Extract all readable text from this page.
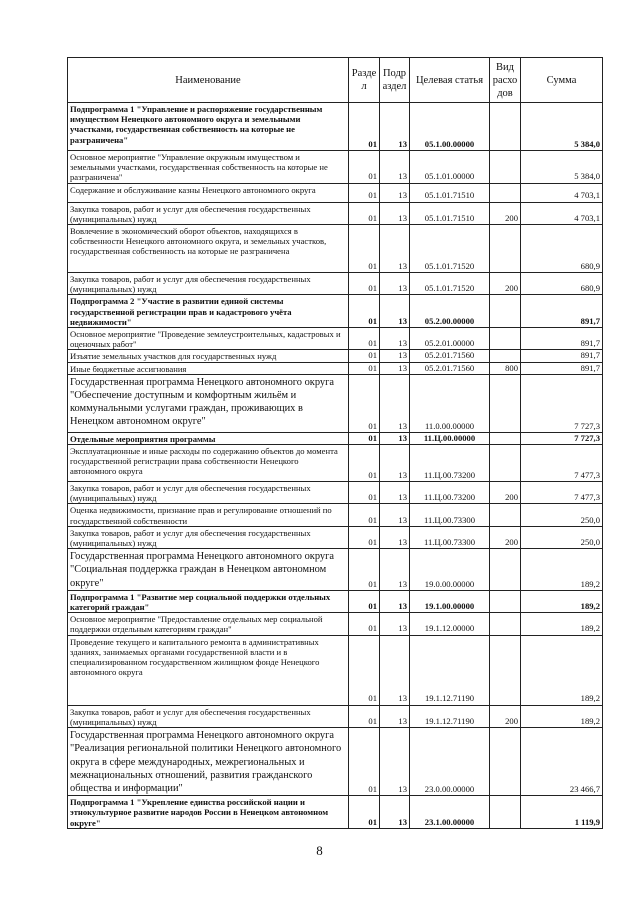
Наименование	Разде л	Подр аздел	Целевая статья	Вид расхо дов	Сумма
Подпрограмма 1 "Управление и распоряжение государственным имуществом Ненецкого автономного округа и земельными участками, государственная собственность на которые не разграничена"	01	13	05.1.00.00000		5 384,0
Основное мероприятие "Управление окружным имуществом и земельными участками, государственная собственность на которые не разграничена"	01	13	05.1.01.00000		5 384,0
Содержание и обслуживание казны Ненецкого автономного округа	01	13	05.1.01.71510		4 703,1
Закупка товаров, работ и услуг для обеспечения государственных (муниципальных) нужд	01	13	05.1.01.71510	200	4 703,1
Вовлечение в экономический оборот объектов, находящихся в собственности Ненецкого автономного округа, и земельных участков, государственная собственность на которые не разграничена	01	13	05.1.01.71520		680,9
Закупка товаров, работ и услуг для обеспечения государственных (муниципальных) нужд	01	13	05.1.01.71520	200	680,9
Подпрограмма 2 "Участие в развитии единой системы государственной регистрации прав и кадастрового учёта недвижимости"	01	13	05.2.00.00000		891,7
Основное мероприятие "Проведение землеустроительных, кадастровых и оценочных работ"	01	13	05.2.01.00000		891,7
Изъятие земельных участков для государственных нужд	01	13	05.2.01.71560		891,7
Иные бюджетные ассигнования	01	13	05.2.01.71560	800	891,7
Государственная программа Ненецкого автономного округа "Обеспечение доступным и комфортным жильём и коммунальными услугами граждан, проживающих в Ненецком автономном округе"	01	13	11.0.00.00000		7 727,3
Отдельные мероприятия программы	01	13	11.Ц.00.00000		7 727,3
Эксплуатационные и иные расходы по содержанию объектов до момента государственной регистрации права собственности Ненецкого автономного округа	01	13	11.Ц.00.73200		7 477,3
Закупка товаров, работ и услуг для обеспечения государственных (муниципальных) нужд	01	13	11.Ц.00.73200	200	7 477,3
Оценка недвижимости, признание прав и регулирование отношений по государственной собственности	01	13	11.Ц.00.73300		250,0
Закупка товаров, работ и услуг для обеспечения государственных (муниципальных) нужд	01	13	11.Ц.00.73300	200	250,0
Государственная программа Ненецкого автономного округа "Социальная поддержка граждан в Ненецком автономном округе"	01	13	19.0.00.00000		189,2
Подпрограмма 1 "Развитие мер социальной поддержки отдельных категорий граждан"	01	13	19.1.00.00000		189,2
Основное мероприятие "Предоставление отдельных мер социальной поддержки отдельным категориям граждан"	01	13	19.1.12.00000		189,2
Проведение текущего и капитального ремонта в административных зданиях, занимаемых органами государственной власти и в специализированном государственном жилищном фонде Ненецкого автономного округа	01	13	19.1.12.71190		189,2
Закупка товаров, работ и услуг для обеспечения государственных (муниципальных) нужд	01	13	19.1.12.71190	200	189,2
Государственная программа Ненецкого автономного округа "Реализация региональной политики Ненецкого автономного округа в сфере международных, межрегиональных и межнациональных отношений, развития гражданского общества и информации"	01	13	23.0.00.00000		23 466,7
Подпрограмма 1 "Укрепление единства российской нации и этнокультурное развитие народов России в Ненецком автономном округе"	01	13	23.1.00.00000		1 119,9
8
